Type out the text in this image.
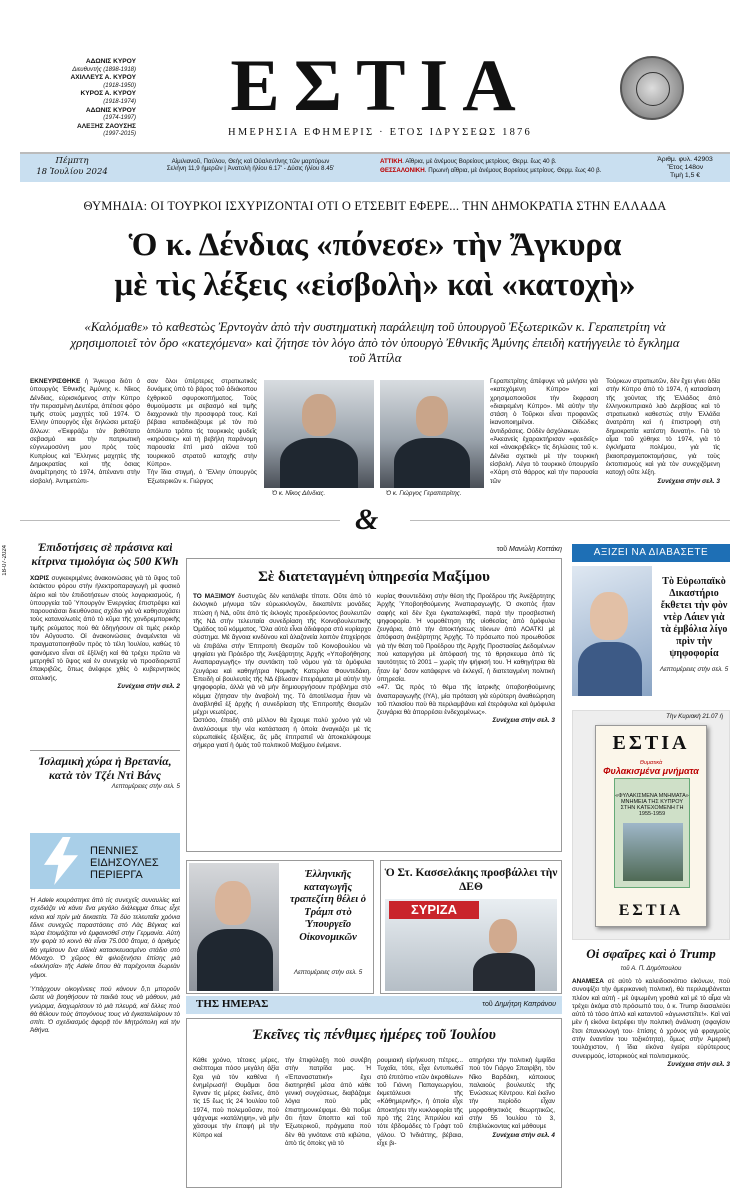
ΑΔΩΝΙΣ ΚΥΡΟΥ
Διευθυντής (1898-1918)
ΑΧΙΛΛΕΥΣ Α. ΚΥΡΟΥ
(1918-1950)
ΚΥΡΟΣ Α. ΚΥΡΟΥ
(1918-1974)
ΑΔΩΝΙΣ ΚΥΡΟΥ
(1974-1997)
ΑΛΕΞΗΣ ΖΑΟΥΣΗΣ
(1997-2015)
ΕΣΤΙΑ
ΗΜΕΡΗΣΙΑ ΕΦΗΜΕΡΙΣ · ΕΤΟΣ ΙΔΡΥΣΕΩΣ 1876
Πέμπτη
18 Ἰουλίου 2024
Αἰμιλιανοῦ, Παύλου, Θεὴς καὶ Οὐαλεντίνης τῶν μαρτύρων
Σελήνη 11,9 ἡμερῶν | Ἀνατολὴ ἡλίου 6.17' - Δύσις ἡλίου 8.45'
ΑΤΤΙΚΗ. Αἴθρια, μὲ ἀνέμους Βορείους μετρίους. Θερμ. ἕως 40 β.
ΘΕΣΣΑΛΟΝΙΚΗ. Πρωινὴ αἴθρια, μὲ ἀνέμους Βορείους μετρίους. Θερμ. ἕως 40 β.
Ἀριθμ. φυλ. 42903
Ἔτος 148ον
Τιμὴ 1,5 €
ΘΥΜΗΔΙΑ: ΟΙ ΤΟΥΡΚΟΙ ΙΣΧΥΡΙΖΟΝΤΑΙ ΟΤΙ Ο ΕΤΣΕΒΙΤ ΕΦΕΡΕ... ΤΗΝ ΔΗΜΟΚΡΑΤΙΑ ΣΤΗΝ ΕΛΛΑΔΑ
Ὁ κ. Δένδιας «πόνεσε» τὴν Ἄγκυρα
μὲ τὶς λέξεις «εἰσβολὴ» καὶ «κατοχὴ»
«Καλόμαθε» τὸ καθεστὼς Ἐρντογὰν ἀπὸ τὴν συστηματικὴ παράλειψη τοῦ ὑπουργοῦ Ἐξωτερικῶν κ. Γεραπετρίτη νὰ χρησιμοποιεῖ τὸν ὅρο «κατεχόμενα» καὶ ζήτησε τὸν λόγο ἀπὸ τὸν ὑπουργὸ Ἐθνικῆς Ἀμύνης ἐπειδὴ κατήγγειλε τὸ ἔγκλημα τοῦ Ἀττίλα
ΕΚΝΕΥΡΙΣΘΗΚΕ ἡ Ἄγκυρα διὸτι ὁ ὑπουργὸς Ἐθνικῆς Ἀμύνης κ. Νῖκος Δένδιας, εὑρισκόμενος στὴν Κύπρο τὴν περασμένη Δευτέρα, ἀπέτισε φόρο τιμῆς στοὺς μαχητὲς τοῦ 1974. Ὁ Ἐλλην ὑπουργὸς εἶχε δηλώσει μεταξὺ ἄλλων: «Ἐκφράζω τὸν βαθύτατο σεβασμό και τὴν πατριωτικὴ εὐγνωμοσύνη μου πρὸς τοὺς Κυπρίους καὶ Ἕλληνες μαχητὲς τῆς Δημοκρατίας καὶ τῆς ὁσιας ἀναμέτρησης τὸ 1974, ἀπέναντι στὴν εἰσβολή. Ἀντιμετώπι-
σαν ὅλοι ὑπέρτερες στρατιωτικὲς δυνάμεις ὑπὸ τὸ βάρος τοῦ ἀδιάκοπου ἐχθρικοῦ σφυροκοπήματος. Τοὺς θυμούμαστε με σεβασμό καὶ τιμῆς διαχρονικὰ τὴν προσφορά τους. Καὶ βέβαια καταδικάζουμε μὲ τὸν πιὸ ἀπόλυτο τρόπο τὶς τουρκικὲς ψυδεῖς «κηρόσεις» καὶ τὴ βεβήλη παράνομη παρουσία ἐπὶ μισὸ αἰῶνα τοῦ τουρκικοῦ στρατοῦ κατοχῆς στὴν Κύπρο».
Τὴν ἴδια στιγμή, ὁ Ἕλλην ὑπουργὸς Ἐξωτερικῶν κ. Γιώργος
Ὁ κ. Νῖκος Δένδιας.	Ὁ κ. Γιώργος Γεραπετρίτης.
Γεραπετρίτης ἀπέφυγε νὰ μιλήσει γιὰ «κατεχόμενη Κύπρο» καὶ χρησιμοποιοῦσε τὴν ἔκφραση «διαιρεμένη Κύπρο». Μὲ αὐτὴν τὴν στάση ὁ Τοῦρκοι εἶναι προφανῶς ἱκανοποιημένοι. Οἱδώδιες ἀντιδράσεις. Οὐδὲν ἀσχόλακων.
«Ἀκεανεὶς ἐχαρακτήρισαν «φαεδεῖς» καὶ «ἀνακριβεῖες» τὶς δηλώσεις τοῦ κ. Δένδια σχετικὰ μὲ τὴν τουρκικὴ εἰσβολή. Λέγα τὸ τουρκικὸ ὑπουργεῖο «Χάρη στὸ θάρρος καὶ τὴν παρουσία τῶν
Τούρκων στρατιωτῶν, δὲν ἔχει γίνει ἀδία στὴν Κύπρο ἀπὸ τὸ 1974, ἡ κατασίαση τῆς χούντας τῆς Ἑλλάδος ἀπὸ ἑλληνοκυπριακὸ λαὸ Δερβίσας καὶ τὸ στρατιωτικὸ καθεστὼς στὴν Ἑλλάδα ἀνατράπη καὶ ἡ ἐπιστροφὴ στὴ δημοκρατία κατέστη δυνατή». Γιὰ τὸ αἷμα τοῦ χύθηκε τὸ 1974, γιὰ τὸ ἐγκλήματα πολέμου, γιὰ τὶς βιαιοπραγματοκτομήσεις, γιὰ τοὺς ἐκτοπισμοὺς καὶ γιὰ τὸν συνεχιζόμενη κατοχὴ οὔτε λέξη.
Συνέχεια στὴν σελ. 3
&
18-07-2024	Ἐπιδοτήσεις σὲ πράσινα καὶ κίτρινα τιμολόγια ὡς 500 KWh
ΧΩΡΙΣ συγκεκριμένες ἀνακοινώσεις γιὰ τὸ ὕψος τοῦ ἐκτάκτου φόρου στὴν ἠλεκτροπαραγωγὴ μὲ φυσικὸ ἀέριο καὶ τὸν ἐπιδοτήσεων στοὺς λογαριασμούς, ἡ ὑπουργεία τοῦ Ὑπουργὸν Ἐνεργείας ἐπιστρέψει καὶ παρουσιάσαι διευθύνσεις σχέδιο γιὰ νὰ καθησυχάσει τοὺς καταναλωτὲς ἀπὸ τὸ κῦμα τῆς χονδρεμπορικῆς τιμῆς ρεύματος ποὺ θὰ ὁδηγήσουν σὲ τιμὲς ρεκὸρ τὸν Αὔγουστο. Οἱ ἀνακοινώσεις ἀναμένεται νὰ πραγματοποιηθοῦν πρὸς τὸ τέλη Ἰουλίου, καθὼς τὸ φαινόμενο εἶναι σὲ ἐξέλιξη καὶ θὰ τρέχει πρῶτα νὰ μετρηθεῖ τὸ ὕψος καὶ ἐν συνεχείᾳ νὰ προσδιοριστεῖ ἐπακριβῶς, ὅπως ἀνέφερε χθὲς ὁ κυβερνητικὸς σιτολικής.
Συνέχεια στὴν σελ. 2
Ἰσλαμικὴ χώρα ἡ Βρετανία, κατὰ τὸν Τζέι Ντὶ Βάνς
Λεπτομέρειες στὴν σελ. 5
ΠΕΝΝΙΕΣ
ΕΙΔΗΣΟΥΛΕΣ
ΠΕΡΙΕΡΓΑ

Ἡ Adele κουράστηκε ἀπὸ τὶς συνεχεῖς συναυλίες καὶ σχεδιάζει νὰ κάνει ἕνα μεγάλο διάλειμμα ὅπως εἶχε κάνει καὶ πρὶν μιὰ δεκαετία. Τὰ δύο τελευταῖα χρόνια ἔδινε συνεχῶς παραστάσεις στὸ Λὰς Βέγκας καὶ τώρα ἑτοιμάζεται νὰ ἐμφανισθεῖ στὴν Γερμανία. Αὐτὴ τὴν φορὰ τὸ κοινὸ θὰ εἶναι 75.000 ἄτομα, ὁ ἀριθμὸς θὰ γεμίσουν ἕνα εἰδικὰ κατασκευασμένο στάδιο στὸ Μόναχο. Ὁ χῶρος θὰ φιλοξενήσει ἐπίσης μιὰ «ἐκκλησία» τῆς Adele ὅπου θὰ παρέχονται δωρεὰν γάμοι.

Ὑπάρχουν οἰκογένειες ποὺ κάνουν ὅ,τι μποροῦν ὥστε νὰ βοηθήσουν τὰ παιδιὰ τους νὰ μάθουν, μιὰ γνώριμα, διαχωρίσουν τὸ μιὰ πλευρά, καὶ ὅλλες ποὺ θὰ θέλουν τοὺς ἀπογόνους τους νὰ ἐγκαταλείψουν τὸ σπίτι. Ὁ σχεδιασμὸς ἀφορᾷ τὸν Μητρόπολη καὶ τὴν Ἀθήνα.

τοῦ Μανώλη Κοττάκη
Σὲ διατεταγμένη ὑπηρεσία Μαξίμου
ΤΟ ΜΑΞΙΜΟΥ δυστυχῶς δὲν κατάλαβε τίποτε. Οὔτε ἀπὸ τὸ ἐκλογικὸ μήνυμα τῶν εὐρωεκλογῶν, δεκαπέντε μονάδες πτώση ἡ ΝΔ, οὔτε ἀπὸ τὶς ἐκλογὲς προεδρεύοντος βουλευτῶν τῆς ΝΔ στὴν τελευταία συνεδρίαση τῆς Κοινοβουλευτικῆς Ὁμάδος τοῦ κόμματος. Ὅλα αὐτὰ εἶναι ἀδιάφορα στὸ κυρίαρχο σύστημα. Μὲ ἄγνοια κινδύνου καὶ ἀλαζονεία λοιπὸν ἐπιχείρησε νὰ ἐπιβάλει στὴν Ἐπιτροπὴ Θεσμῶν τοῦ Κοινοβουλίου νὰ ψηφίσει γιὰ Πρόεδρο τῆς Ἀνεξάρτητης Ἀρχῆς «Υποβοήθησης Αναπαραγωγῆς» τὴν συντάκτη τοῦ νόμου γιὰ τὰ ὁμόφυλα ζευγάρια καὶ καθηγήτρια Νομικῆς Κατερίνα Φουντεδάκη. Ἐπειδὴ οἱ βουλευτὲς τῆς ΝΔ ἐβίωσαν ἐπειράματα μὲ αὐτὴν τὴν ψηφοφορία, ἀλλὰ γιὰ νὰ μὴν δημιουργήσουν πρόβλημα στὸ κόμμα ζήτησαν τὴν ἀναβολὴ της. Τὸ ἀποτέλεσμα ἦταν νὰ ἀναβληθεῖ ἐξ ἀρχῆς ἡ συνεδρίαση τῆς Ἐπιτροπῆς Θεσμῶν μέχρι νεωτέρας.
Ὡστόσο, ἐπειδὴ στὸ μέλλον θὰ ἔχουμε πολὺ χρόνο γιὰ νὰ ἀναλύσουμε τὴν νέα κατάσταση ἡ ὁποία ἀναγκάζει μὲ τὶς εὐρωπαϊκὲς ἐξελίξεις, ἂς μᾶς ἐπιτραπεῖ νὰ ἀποκαλύψουμε σήμερα γιατί ἡ ὁμάς τοῦ πολιτικοῦ Μαξίμου ἐνέμεινε.
κυρίας Φουντεδάκη στὴν θέση τῆς Προέδρου τῆς Ἀνεξάρτητης Ἀρχῆς Ὑποβοηθούμενης Ἀναπαραγωγῆς. Ὁ σκοπὸς ἦταν σαφὴς καὶ δὲν ἔχει ἐγκαταλειφθεῖ, παρὰ τὴν προσβεστικὴ ψηφοφορία. Ἡ νομοθέτηση τῆς υἱοθεσίας ἀπὸ ὁμόφυλα ζευγάρια, ἀπὸ τὴν ἀποκτήσεως τέκνων ἀπὸ ΛΟΑΤΚΙ μὲ ἀπόφαση ἀνεξάρτητης Ἀρχῆς. Τὸ πρόσωπο ποὺ προωθοῦσε γιὰ τὴν θέση τοῦ Προέδρου τῆς Ἀρχῆς Προστασίας Δεδομένων ποὺ καταργήσει μὲ ἀπόφασή της τὸ θρησκευμα ἀπὸ τὶς ταυτότητες τὸ 2001 – χωρὶς τὴν ψήφισή του. Ἡ καθηγήτρια θὰ ἦταν ἐφ᾽ ὅσον κατάφερνε νὰ ἐκλεγεῖ, ἡ διατεταγμένη πολιτικὴ ὑπηρεσία.
«47. Ὡς πρὸς τὸ θέμα τῆς ἰατρικῆς ὑποβοηθούμενης ἀναπαραγωγῆς (ΙΥΑ), μία πρόταση γιὰ εὐρύτερη ἀναθεώρηση τοῦ πλαισίου ποὺ θὰ περιλαμβάνει καὶ ἑτερόφυλα καὶ ὁμόφυλα ζευγάρια θὰ ἀπορρέσει ἐνδεχομένως».
Συνέχεια στὴν σελ. 3
ΑΞΙΖΕΙ ΝΑ ΔΙΑΒΑΣΕΤΕ
Τὸ Εὐρωπαϊκὸ Δικαστήριο ἔκθετει τὴν φὸν ντὲρ Λάιεν γιὰ τὰ ἐμβόλια λίγο πρὶν τὴν ψηφοφορία
Λεπτομέρειες στὴν σελ. 5
Τὴν Κυριακὴ 21.07 ἡ
ΕΣΤΙΑ
Θυματικὰ
Φυλακισμένα μνήματα
«ΦΥΛΑΚΙΣΜΕΝΑ ΜΝΗΜΑΤΑ» ΜΝΗΜΕΙΑ ΤΗΣ ΚΥΠΡΟΥ ΣΤΗΝ ΚΑΤΕΧΟΜΕΝΗ ΓΗ 1955-1959
ΕΣΤΙΑ
Οἱ σφαῖρες καὶ ὁ Trump
τοῦ Α. Π. Δημόπουλου
ΑΝΑΜΕΣΑ σὲ αὐτὸ τὸ καλειδοσκόπιο εἰκόνων, ποὺ συνοψίζει τὴν ἀμερικανικὴ πολιτική, θὰ περιλαμβάνεται πλέον καὶ αὐτὴ - μὲ ὑψωμένη γροθιὰ καὶ μὲ τὸ αἷμα νὰ τρέχει ἀκόμα στὸ πρόσωπό του, ὁ κ. Trump διασαλεύει αὐτὸ τὸ τόσο ἁπλὸ καὶ καταντοῦ «ἀγωνιστεῖτε!». Καὶ ναὶ μὲν ἡ εἰκόνα ἐκτρέφει τὴν πολιτικὴ ἀνάλυση (σφαγίσιν ἔτσι ἐπανεκλογή του· ἐπίσης ὁ χρόνος γιὰ φραγμοὺς στὴν ἐναντίον του τοξικότητα), ὅμως στὴν Ἀμερικὴ τουλάχιστον, ἡ ἴδια εἰκόνα ἐγείρει εὐρύτερους συνειρμούς, ἱστορικοὺς καὶ πολιτισμικούς.
Συνέχεια στὴν σελ. 3
Ἑλληνικῆς καταγωγῆς τραπεζίτη θέλει ὁ Τράμπ στὸ Ὑπουργεῖο Οἰκονομικῶν
Λεπτομέρειες στὴν σελ. 5
Ὁ Στ. Κασσελάκης προσβάλλει τὴν ΔΕΘ
ΣΥΡΙΖΑ
ΤΗΣ ΗΜΕΡΑΣ	τοῦ Δημήτρη Καπράνου
Ἐκεῖνες τὶς πένθιμες ἡμέρες τοῦ Ἰουλίου
Κάθε χρόνο, τέτοιες μέρες, σκέπτομαι πόσο μεγάλη ἀξία ἔχει γιὰ τὸν καθένα ἡ ἐνημέρωσή! Θυμᾶμαι ὅσα ἔγιναν τὶς μέρες ἐκεῖνες, ἀπὸ τὶς 15 ἕως τὶς 24 Ἰουλίου τοῦ 1974, ποὺ πολεμοῦσαν, ποὺ ψάχναμε «κατάληψη», νὰ μὴν χάσουμε τὴν ἐπαφή μὲ τὴν Κύπρο καὶ
τὴν ἐπιφύλαξη ποὺ συνέβη στὴν πατρίδα μας. Ἡ «Ἐπαναστατική» ἔχει διατηρηθεῖ μέσα ἀπὸ κάθε γενική συγχύσεως, διαβάζαμε λόγια ποὺ μᾶς ἐπιστημονικέψαμε. Θὰ ποῦμε ὅτι ἦταν ὕποπτο καὶ τοῦ Ἐξωτερικοῦ, πράγματα ποὺ δὲν θὰ γινότανε στὰ κιβώτια, ἀπὸ τὶς ὁποίες γιὰ τὸ
ρουμιακὴ εἰρήνευση πέτρες... Τυχαῖα, τότε, εἶχα ἐντυπωθεῖ στὸ ἐπιτόπιο «τῶν ἀκροθέων» τοῦ Γιάννη Παπαγεωργίου, ἐκμετάλευσι τῆς «Κάθημερινῆς», ἡ ὁποία εἶχε ἀποκτήσει τὴν κυκλοφορία τῆς πρὸ τῆς 21ης Ἀπριλίου καὶ τότε ἐβδομάδες τὸ Γράφτ τοῦ γάλου. Ὁ Ἰνδιάττης, βέβαια, εἶχε βι-
ατηρήσει τὴν πολιτικὴ ἐμψίδα ποὺ τὸν Γιάργο Σπαιρίβη, τὸν Νῖκο Βαρδάκη, κάποιους παλαιοὺς βουλευτὲς τῆς Ἑνώσεως Κέντρου. Καὶ ἐκεῖνο τὴν περίοδο εἶχαν μορφοθηκτικός θεωρητικῶς, στὴν 55 Ἰουλίου τὸ 3, ἐπιβλιώκοντας καὶ μάθουμε
Συνέχεια στὴν σελ. 4
